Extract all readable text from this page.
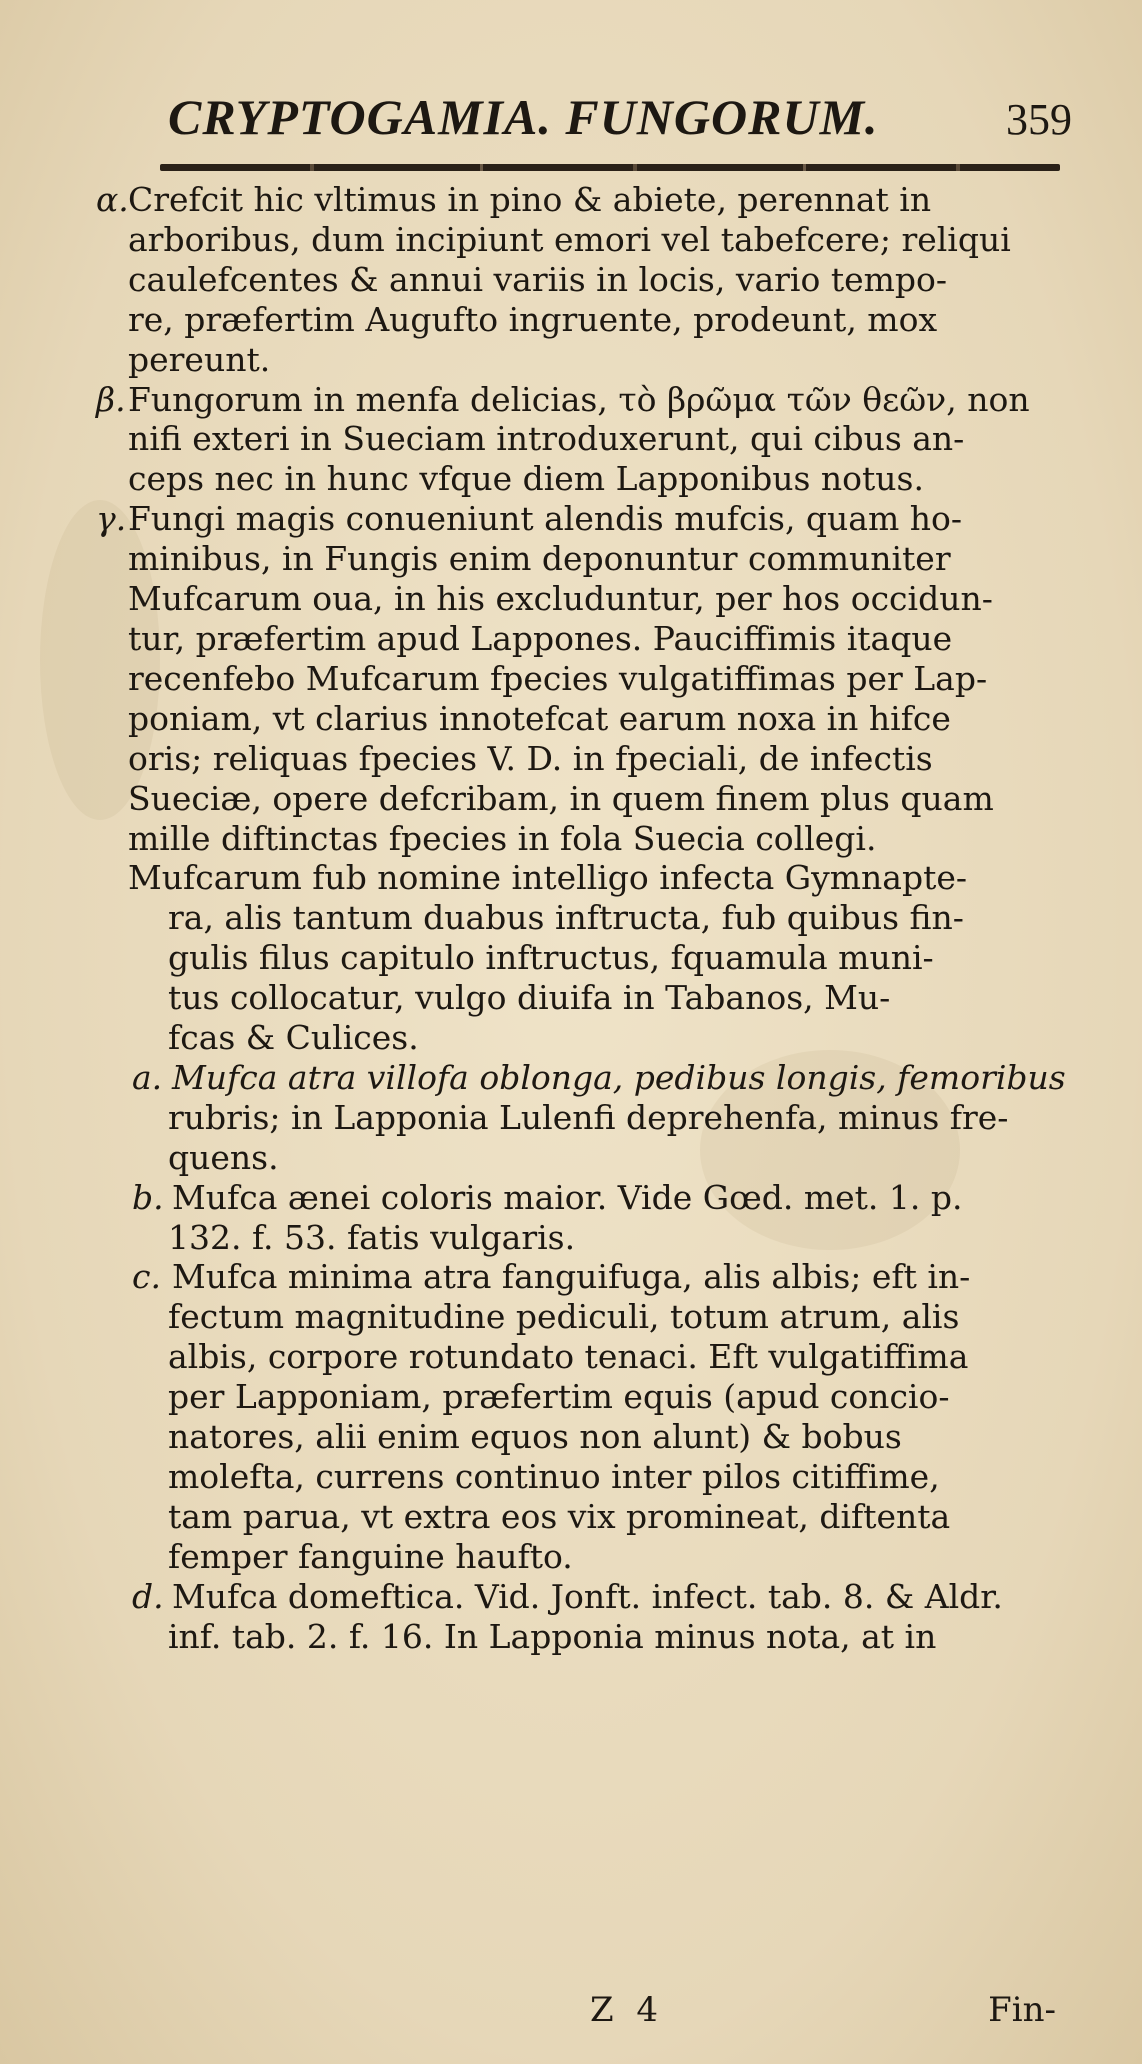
CRYPTOGAMIA. FUNGORUM.	359
α. Crefcit hic vltimus in pino & abiete, perennat in
arboribus, dum incipiunt emori vel tabefcere; reliqui
caulefcentes & annui variis in locis, vario tempo-
re, præfertim Augufto ingruente, prodeunt, mox
pereunt.
β. Fungorum in menfa delicias, τὸ βρῶμα τῶν θεῶν, non
nifi exteri in Sueciam introduxerunt, qui cibus an-
ceps nec in hunc vfque diem Lapponibus notus.
γ. Fungi magis conueniunt alendis mufcis, quam ho-
minibus, in Fungis enim deponuntur communiter
Mufcarum oua, in his excluduntur, per hos occidun-
tur, præfertim apud Lappones. Pauciffimis itaque
recenfebo Mufcarum fpecies vulgatiffimas per Lap-
poniam, vt clarius innotefcat earum noxa in hifce
oris; reliquas fpecies V. D. in fpeciali, de infectis
Sueciæ, opere defcribam, in quem finem plus quam
mille diftinctas fpecies in fola Suecia collegi.
Mufcarum fub nomine intelligo infecta Gymnapte-
ra, alis tantum duabus inftructa, fub quibus fin-
gulis filus capitulo inftructus, fquamula muni-
tus collocatur, vulgo diuifa in Tabanos, Mu-
fcas & Culices.
a. Mufca atra villofa oblonga, pedibus longis, femoribus
rubris; in Lapponia Lulenfi deprehenfa, minus fre-
quens.
b. Mufca ænei coloris maior. Vide Gœd. met. 1. p.
132. f. 53. fatis vulgaris.
c. Mufca minima atra fanguifuga, alis albis; eft in-
fectum magnitudine pediculi, totum atrum, alis
albis, corpore rotundato tenaci. Eft vulgatiffima
per Lapponiam, præfertim equis (apud concio-
natores, alii enim equos non alunt) & bobus
molefta, currens continuo inter pilos citiffime,
tam parua, vt extra eos vix promineat, diftenta
femper fanguine haufto.
d. Mufca domeftica. Vid. Jonft. infect. tab. 8. & Aldr.
inf. tab. 2. f. 16. In Lapponia minus nota, at in
Z 4	Fin-
